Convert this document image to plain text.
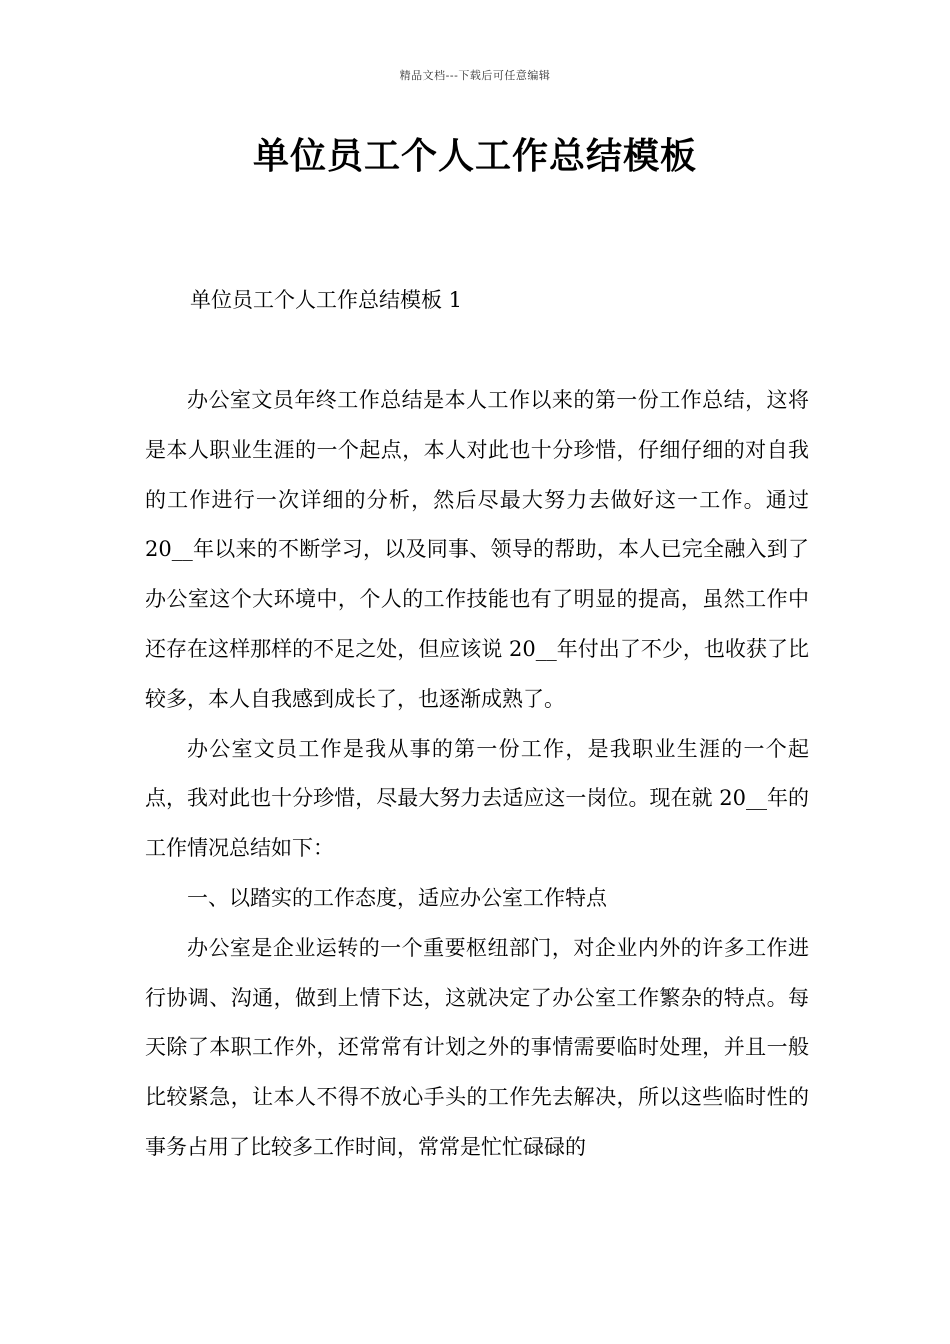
精品文档---下载后可任意编辑
单位员工个人工作总结模板
单位员工个人工作总结模板 1

办公室文员年终工作总结是本人工作以来的第一份工作总结，这将是本人职业生涯的一个起点，本人对此也十分珍惜，仔细仔细的对自我的工作进行一次详细的分析，然后尽最大努力去做好这一工作。通过 20__年以来的不断学习，以及同事、领导的帮助，本人已完全融入到了办公室这个大环境中，个人的工作技能也有了明显的提高，虽然工作中还存在这样那样的不足之处，但应该说 20__年付出了不少，也收获了比较多，本人自我感到成长了，也逐渐成熟了。

办公室文员工作是我从事的第一份工作，是我职业生涯的一个起点，我对此也十分珍惜，尽最大努力去适应这一岗位。现在就 20__年的工作情况总结如下：

一、以踏实的工作态度，适应办公室工作特点

办公室是企业运转的一个重要枢纽部门，对企业内外的许多工作进行协调、沟通，做到上情下达，这就决定了办公室工作繁杂的特点。每天除了本职工作外，还常常有计划之外的事情需要临时处理，并且一般比较紧急，让本人不得不放心手头的工作先去解决，所以这些临时性的事务占用了比较多工作时间，常常是忙忙碌碌的
